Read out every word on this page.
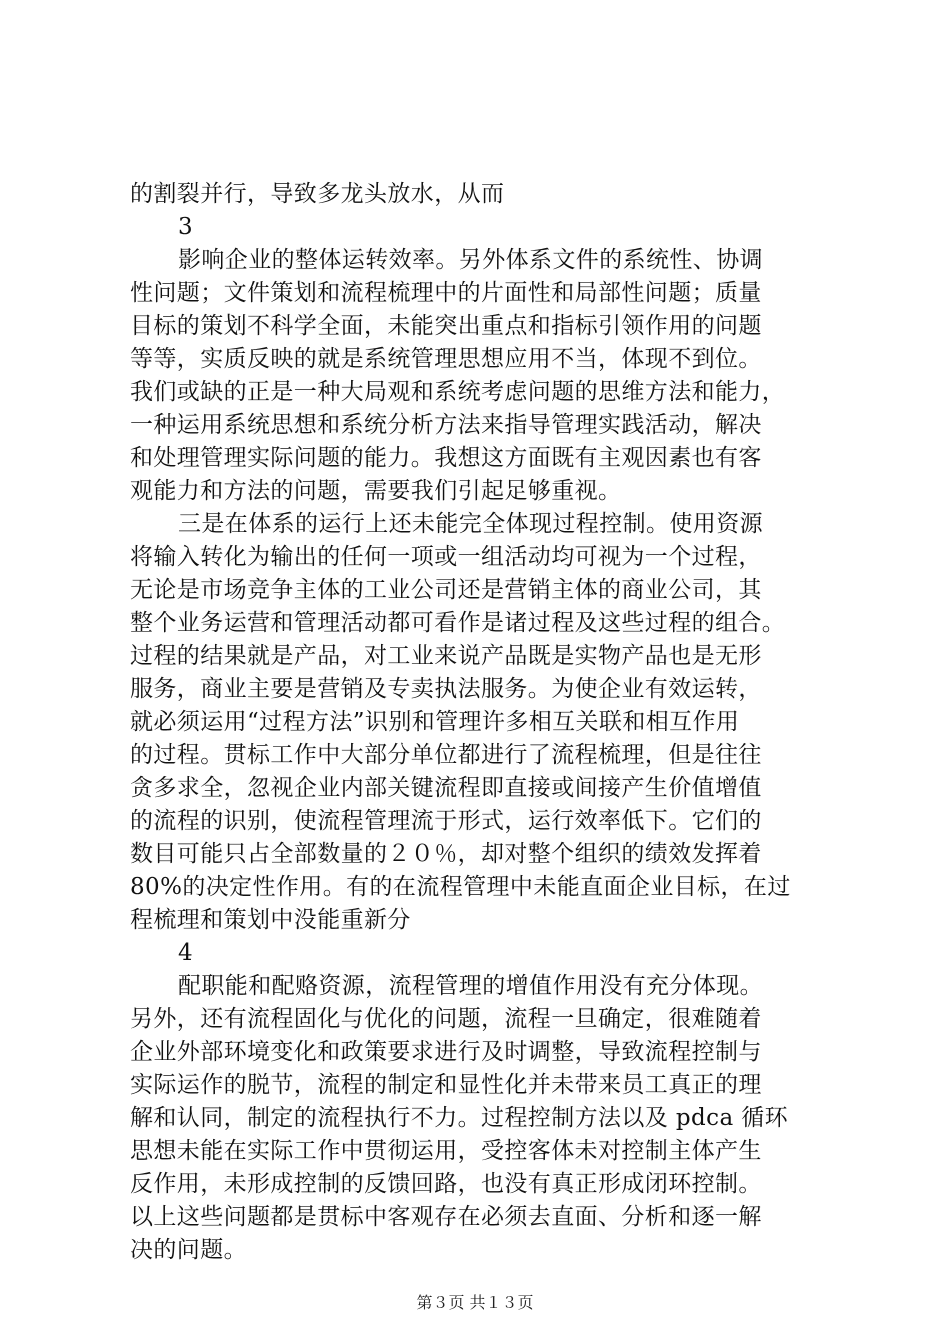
的割裂并行，导致多龙头放水，从而
3
影响企业的整体运转效率。另外体系文件的系统性、协调
性问题；文件策划和流程梳理中的片面性和局部性问题；质量
目标的策划不科学全面，未能突出重点和指标引领作用的问题
等等，实质反映的就是系统管理思想应用不当，体现不到位。
我们或缺的正是一种大局观和系统考虑问题的思维方法和能力，
一种运用系统思想和系统分析方法来指导管理实践活动，解决
和处理管理实际问题的能力。我想这方面既有主观因素也有客
观能力和方法的问题，需要我们引起足够重视。
三是在体系的运行上还未能完全体现过程控制。使用资源
将输入转化为输出的任何一项或一组活动均可视为一个过程，
无论是市场竞争主体的工业公司还是营销主体的商业公司，其
整个业务运营和管理活动都可看作是诸过程及这些过程的组合。
过程的结果就是产品，对工业来说产品既是实物产品也是无形
服务，商业主要是营销及专卖执法服务。为使企业有效运转，
就必须运用“过程方法”识别和管理许多相互关联和相互作用
的过程。贯标工作中大部分单位都进行了流程梳理，但是往往
贪多求全，忽视企业内部关键流程即直接或间接产生价值增值
的流程的识别，使流程管理流于形式，运行效率低下。它们的
数目可能只占全部数量的２０％，却对整个组织的绩效发挥着
80%的决定性作用。有的在流程管理中未能直面企业目标，在过
程梳理和策划中没能重新分
4
配职能和配赂资源，流程管理的增值作用没有充分体现。
另外，还有流程固化与优化的问题，流程一旦确定，很难随着
企业外部环境变化和政策要求进行及时调整，导致流程控制与
实际运作的脱节，流程的制定和显性化并未带来员工真正的理
解和认同，制定的流程执行不力。过程控制方法以及 pdca 循环
思想未能在实际工作中贯彻运用，受控客体未对控制主体产生
反作用，未形成控制的反馈回路，也没有真正形成闭环控制。
以上这些问题都是贯标中客观存在必须去直面、分析和逐一解
决的问题。
第３页 共１３页
